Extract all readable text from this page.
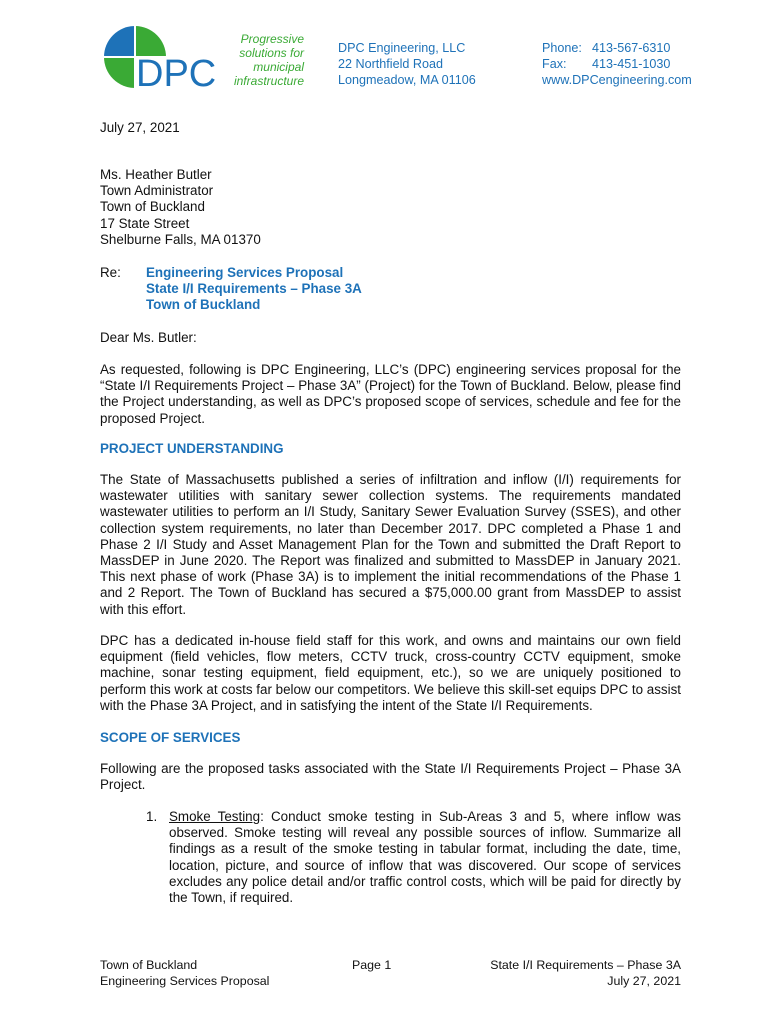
DPC
Progressive
solutions for
municipal
infrastructure
DPC Engineering, LLC
22 Northfield Road
Longmeadow, MA 01106
Phone: 413-567-6310
Fax: 413-451-1030
www.DPCengineering.com
July 27, 2021
Ms. Heather Butler
Town Administrator
Town of Buckland
17 State Street
Shelburne Falls, MA 01370
Re: Engineering Services Proposal
State I/I Requirements – Phase 3A
Town of Buckland
Dear Ms. Butler:
As requested, following is DPC Engineering, LLC’s (DPC) engineering services proposal for the “State I/I Requirements Project – Phase 3A” (Project) for the Town of Buckland. Below, please find the Project understanding, as well as DPC’s proposed scope of services, schedule and fee for the proposed Project.
PROJECT UNDERSTANDING
The State of Massachusetts published a series of infiltration and inflow (I/I) requirements for wastewater utilities with sanitary sewer collection systems. The requirements mandated wastewater utilities to perform an I/I Study, Sanitary Sewer Evaluation Survey (SSES), and other collection system requirements, no later than December 2017. DPC completed a Phase 1 and Phase 2 I/I Study and Asset Management Plan for the Town and submitted the Draft Report to MassDEP in June 2020. The Report was finalized and submitted to MassDEP in January 2021. This next phase of work (Phase 3A) is to implement the initial recommendations of the Phase 1 and 2 Report. The Town of Buckland has secured a $75,000.00 grant from MassDEP to assist with this effort.
DPC has a dedicated in-house field staff for this work, and owns and maintains our own field equipment (field vehicles, flow meters, CCTV truck, cross-country CCTV equipment, smoke machine, sonar testing equipment, field equipment, etc.), so we are uniquely positioned to perform this work at costs far below our competitors. We believe this skill-set equips DPC to assist with the Phase 3A Project, and in satisfying the intent of the State I/I Requirements.
SCOPE OF SERVICES
Following are the proposed tasks associated with the State I/I Requirements Project – Phase 3A Project.
1. Smoke Testing: Conduct smoke testing in Sub-Areas 3 and 5, where inflow was observed. Smoke testing will reveal any possible sources of inflow. Summarize all findings as a result of the smoke testing in tabular format, including the date, time, location, picture, and source of inflow that was discovered. Our scope of services excludes any police detail and/or traffic control costs, which will be paid for directly by the Town, if required.
Town of Buckland
Engineering Services Proposal
Page 1	State I/I Requirements – Phase 3A
July 27, 2021
